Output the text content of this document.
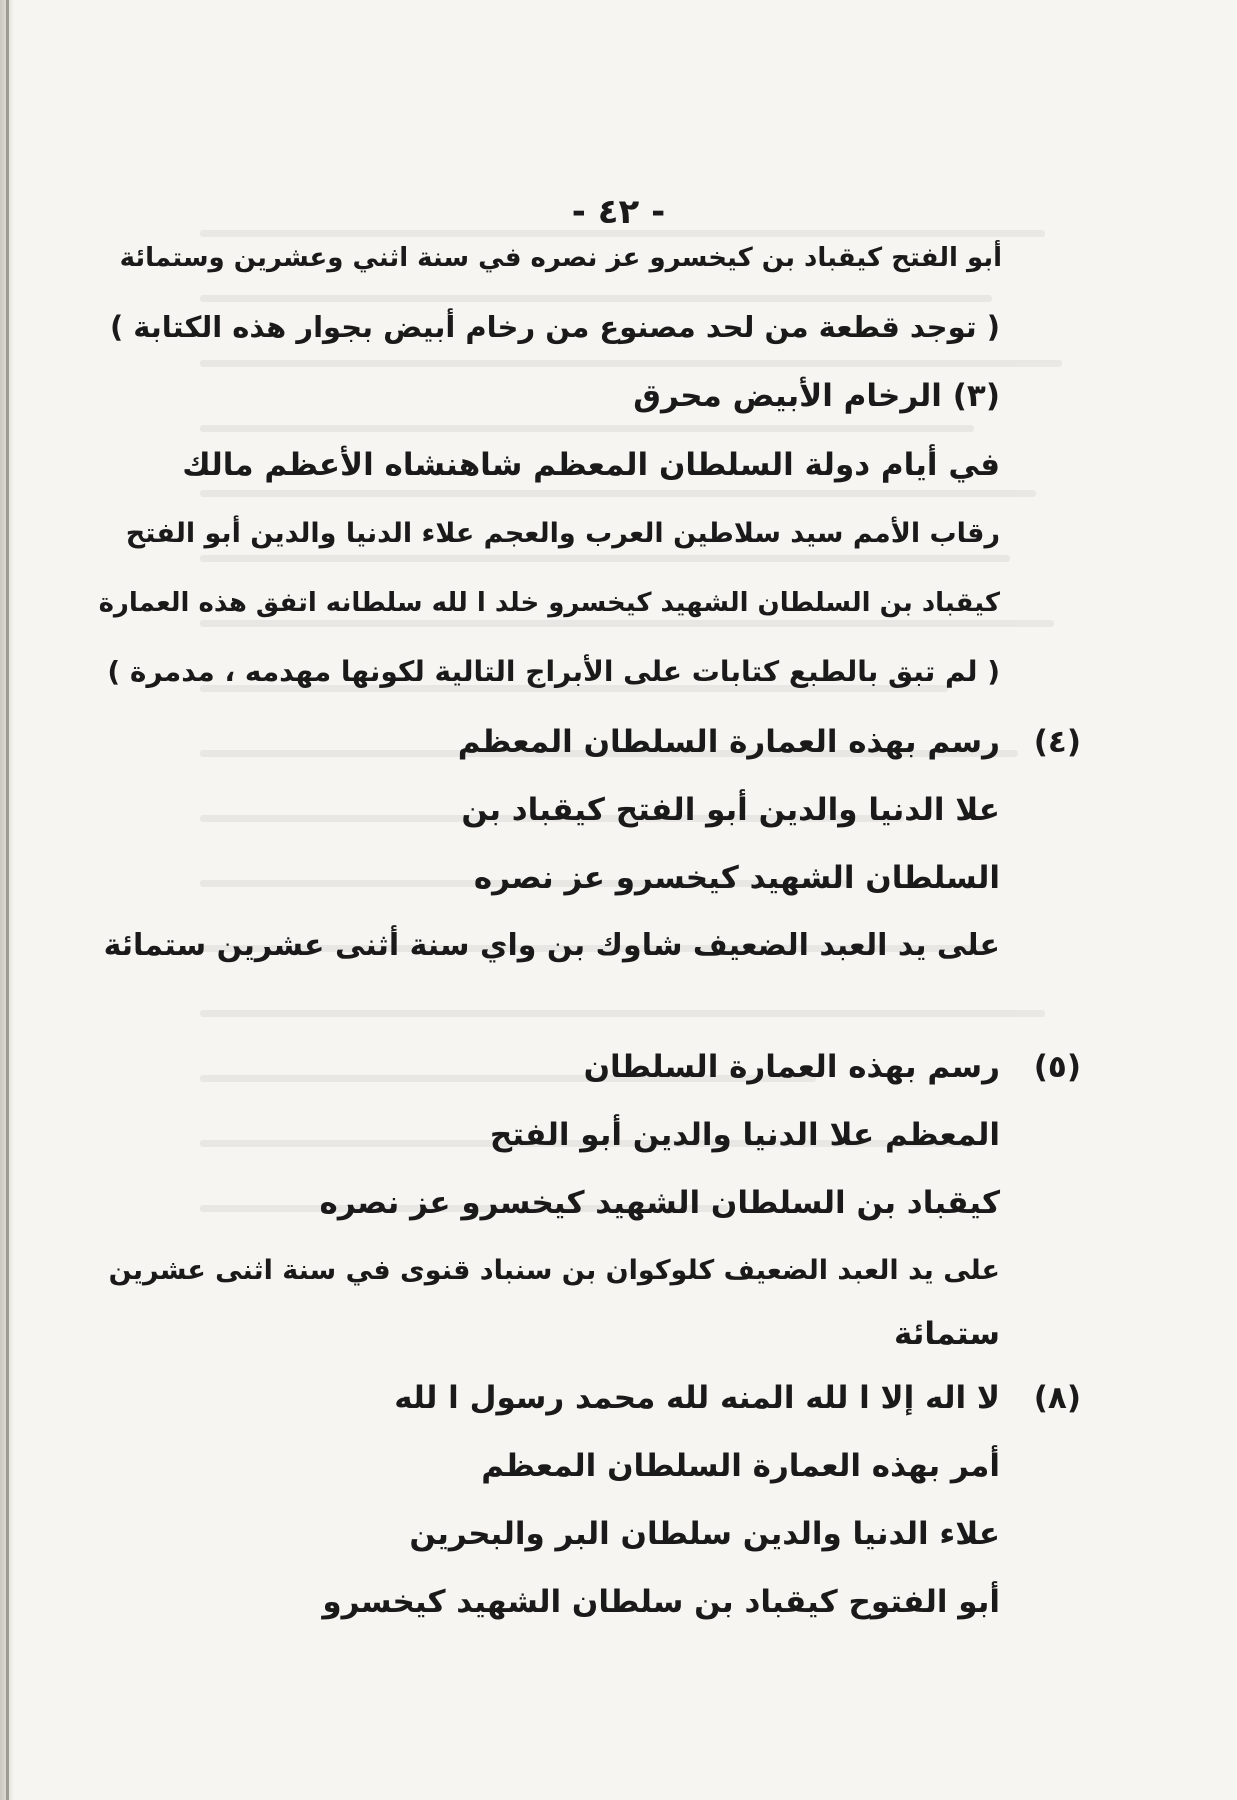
- ٤٢ -
أبو الفتح كيقباد بن كيخسرو عز نصره في سنة اثني وعشرين وستمائة
( توجد قطعة من لحد مصنوع من رخام أبيض بجوار هذه الكتابة )
(٣) الرخام الأبيض محرق
في أيام دولة السلطان المعظم شاهنشاه الأعظم مالك
رقاب الأمم سيد سلاطين العرب والعجم علاء الدنيا والدين أبو الفتح
كيقباد بن السلطان الشهيد كيخسرو خلد ا لله سلطانه اتفق هذه العمارة
( لم تبق بالطبع كتابات على الأبراج التالية لكونها مهدمه ، مدمرة )
(٤)
رسم بهذه العمارة السلطان المعظم
علا الدنيا والدين أبو الفتح كيقباد بن
السلطان الشهيد كيخسرو عز نصره
على يد العبد الضعيف شاوك بن واي سنة أثنى عشرين ستمائة
(٥)
رسم بهذه العمارة السلطان
المعظم علا الدنيا والدين أبو الفتح
كيقباد بن السلطان الشهيد كيخسرو عز نصره
على يد العبد الضعيف كلوكوان بن سنباد قنوى في سنة اثنى عشرين
ستمائة
(٨)
لا اله إلا ا لله المنه لله محمد رسول ا لله
أمر بهذه العمارة السلطان المعظم
علاء الدنيا والدين سلطان البر والبحرين
أبو الفتوح كيقباد بن سلطان الشهيد كيخسرو
